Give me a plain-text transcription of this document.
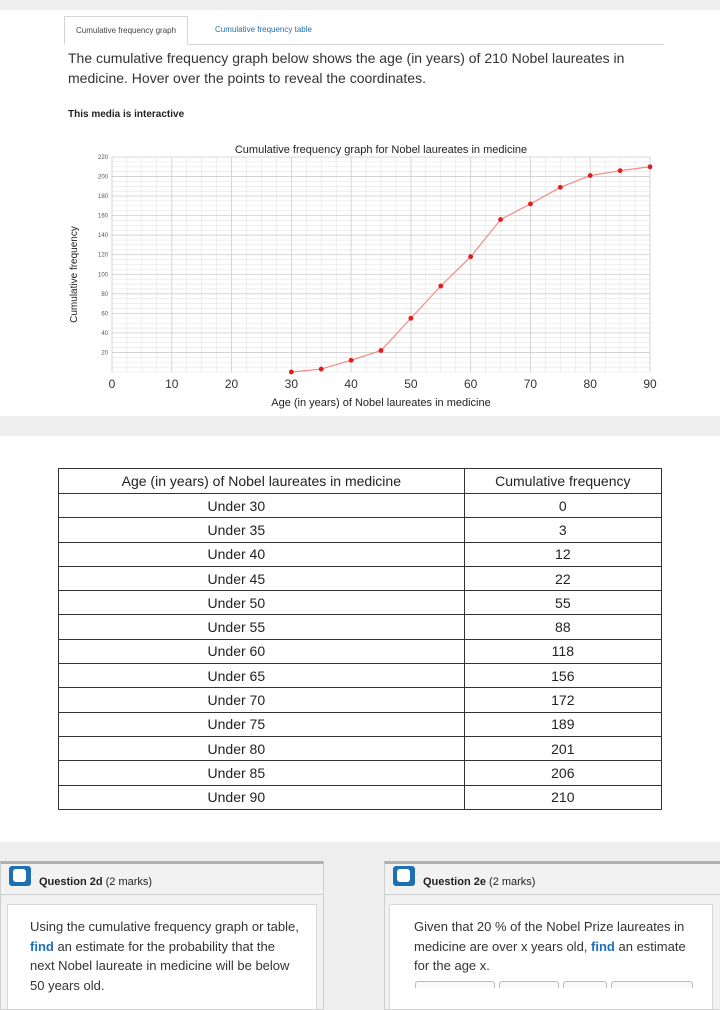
Cumulative frequency graph	Cumulative frequency table
The cumulative frequency graph below shows the age (in years) of 210 Nobel laureates in medicine. Hover over the points to reveal the coordinates.
This media is interactive
0	10	20	30	40	50	60	70	80	90
20
40
60
80
100
120
140
160
180
200
220
Cumulative frequency graph for Nobel laureates in medicine
Age (in years) of Nobel laureates in medicine
Cumulative frequency
Age (in years) of Nobel laureates in medicine	Cumulative frequency
Under 30	0
Under 35	3
Under 40	12
Under 45	22
Under 50	55
Under 55	88
Under 60	118
Under 65	156
Under 70	172
Under 75	189
Under 80	201
Under 85	206
Under 90	210
Question 2d (2 marks)
Using the cumulative frequency graph or table, find an estimate for the probability that the next Nobel laureate in medicine will be below 50 years old.
Question 2e (2 marks)
Given that 20 % of the Nobel Prize laureates in medicine are over x years old, find an estimate for the age x.
